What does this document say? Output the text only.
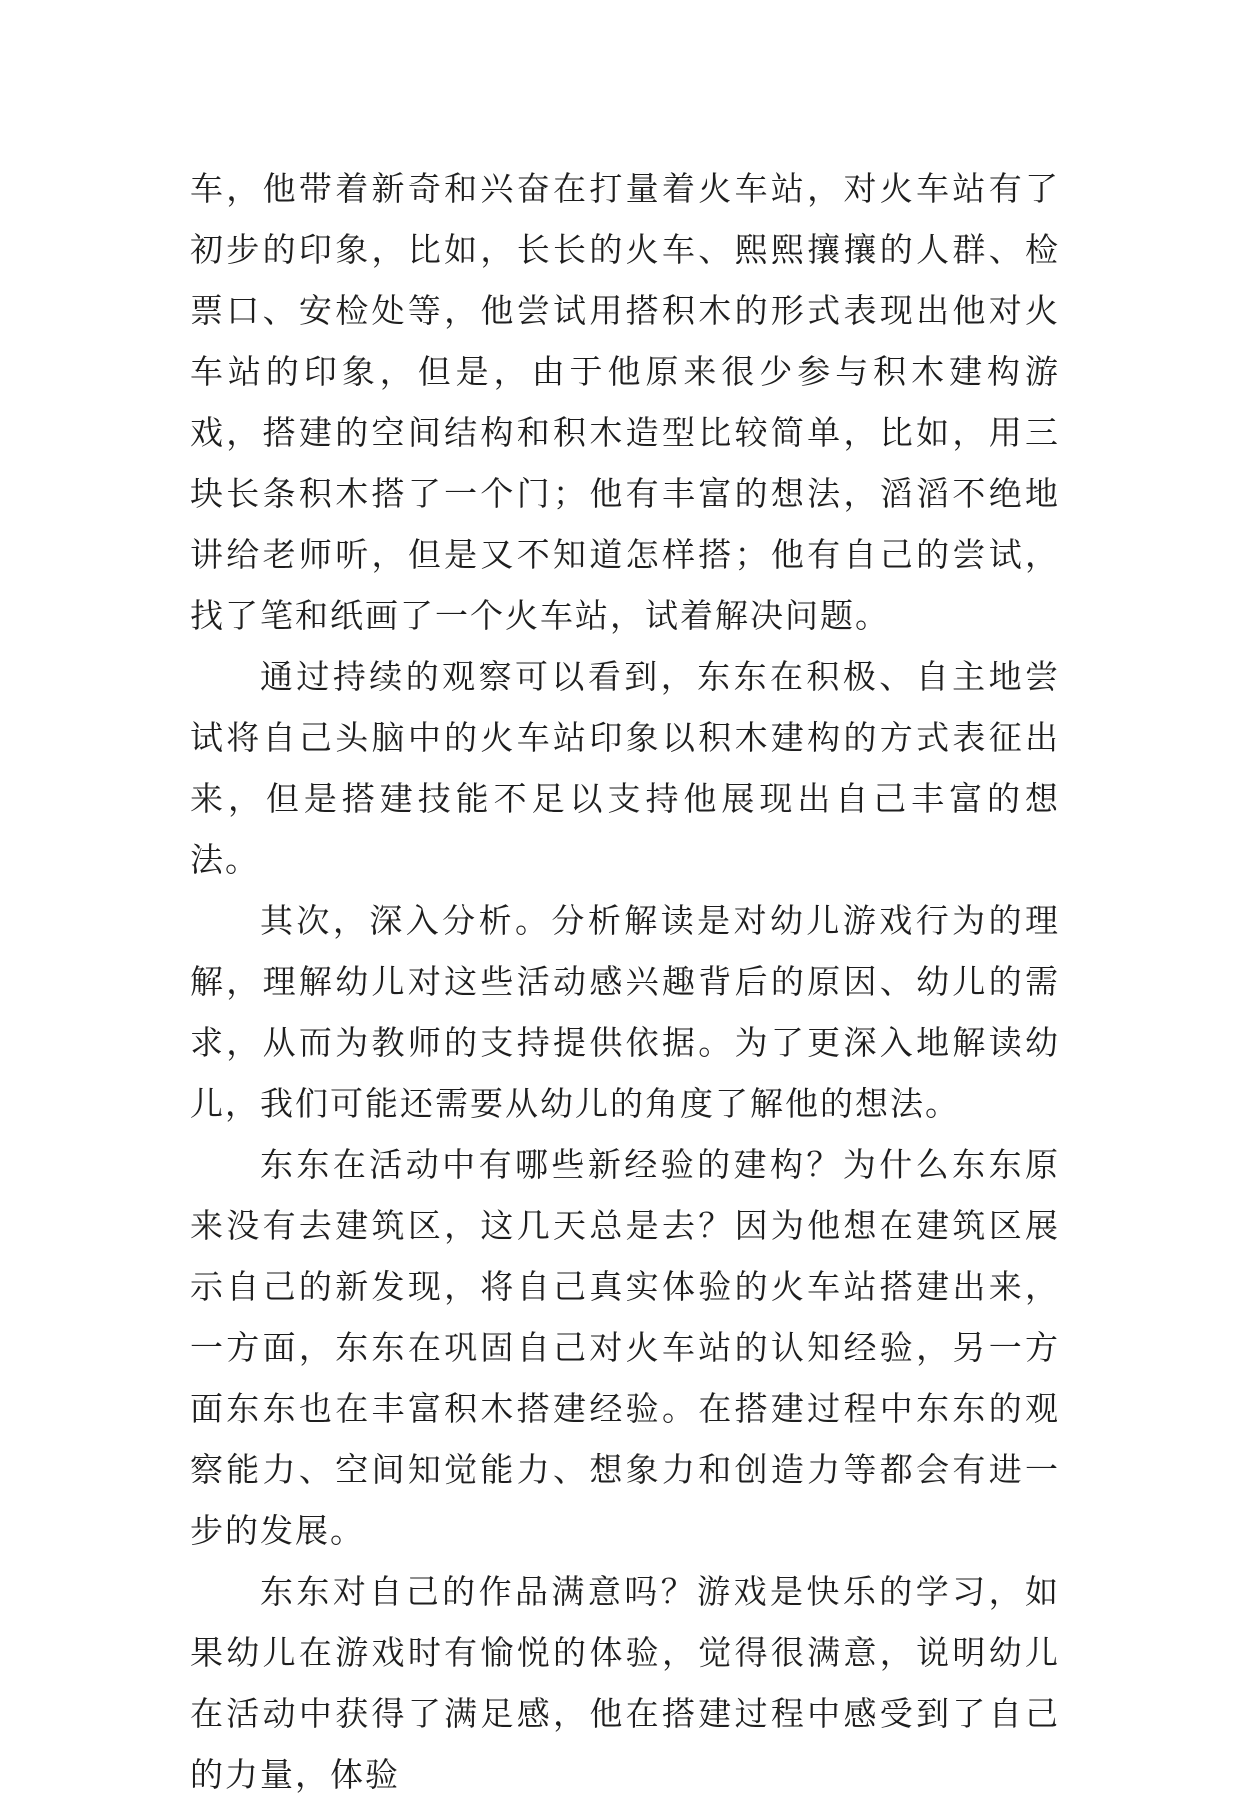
车，他带着新奇和兴奋在打量着火车站，对火车站有了初步的印象，比如，长长的火车、熙熙攘攘的人群、检票口、安检处等，他尝试用搭积木的形式表现出他对火车站的印象，但是，由于他原来很少参与积木建构游戏，搭建的空间结构和积木造型比较简单，比如，用三块长条积木搭了一个门；他有丰富的想法，滔滔不绝地讲给老师听，但是又不知道怎样搭；他有自己的尝试，找了笔和纸画了一个火车站，试着解决问题。

通过持续的观察可以看到，东东在积极、自主地尝试将自己头脑中的火车站印象以积木建构的方式表征出来，但是搭建技能不足以支持他展现出自己丰富的想法。

其次，深入分析。分析解读是对幼儿游戏行为的理解，理解幼儿对这些活动感兴趣背后的原因、幼儿的需求，从而为教师的支持提供依据。为了更深入地解读幼儿，我们可能还需要从幼儿的角度了解他的想法。

东东在活动中有哪些新经验的建构？为什么东东原来没有去建筑区，这几天总是去？因为他想在建筑区展示自己的新发现，将自己真实体验的火车站搭建出来，一方面，东东在巩固自己对火车站的认知经验，另一方面东东也在丰富积木搭建经验。在搭建过程中东东的观察能力、空间知觉能力、想象力和创造力等都会有进一步的发展。

东东对自己的作品满意吗？游戏是快乐的学习，如果幼儿在游戏时有愉悦的体验，觉得很满意，说明幼儿在活动中获得了满足感，他在搭建过程中感受到了自己的力量，体验
